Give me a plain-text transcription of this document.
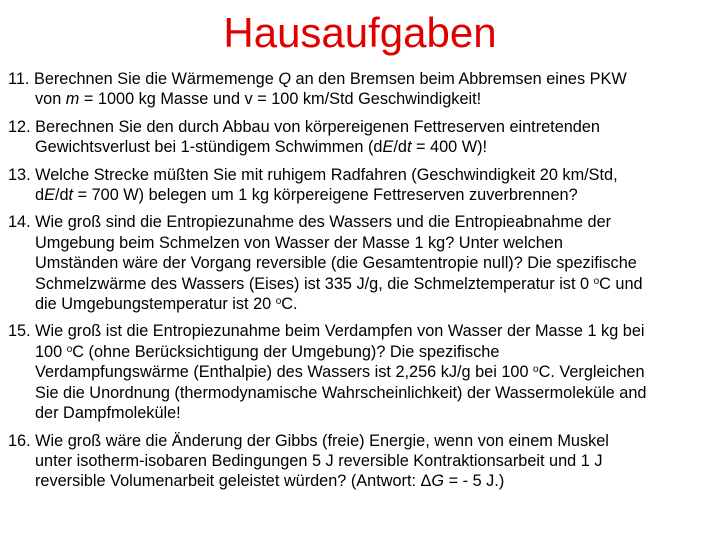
Hausaufgaben
11. Berechnen Sie die Wärmemenge Q an den Bremsen beim Abbremsen eines PKW
von m = 1000 kg Masse und v = 100 km/Std Geschwindigkeit!
12. Berechnen Sie den durch Abbau von körpereigenen Fettreserven eintretenden
Gewichtsverlust bei 1-stündigem Schwimmen (dE/dt = 400 W)!
13. Welche Strecke müßten Sie mit ruhigem Radfahren (Geschwindigkeit 20 km/Std,
dE/dt = 700 W) belegen um 1 kg körpereigene Fettreserven zuverbrennen?
14. Wie groß sind die Entropiezunahme des Wassers und die Entropieabnahme der
Umgebung beim Schmelzen von Wasser der Masse 1 kg? Unter welchen
Umständen wäre der Vorgang reversible (die Gesamtentropie null)? Die spezifische
Schmelzwärme des Wassers (Eises) ist 335 J/g, die Schmelztemperatur ist 0 $^o$C und
die Umgebungstemperatur ist 20 $^o$C.
15. Wie groß ist die Entropiezunahme beim Verdampfen von Wasser der Masse 1 kg bei
100 $^o$C (ohne Berücksichtigung der Umgebung)? Die spezifische
Verdampfungswärme (Enthalpie) des Wassers ist 2,256 kJ/g bei 100 $^o$C. Vergleichen
Sie die Unordnung (thermodynamische Wahrscheinlichkeit) der Wassermoleküle and
der Dampfmoleküle!
16. Wie groß wäre die Änderung der Gibbs (freie) Energie, wenn von einem Muskel
unter isotherm-isobaren Bedingungen 5 J reversible Kontraktionsarbeit und 1 J
reversible Volumenarbeit geleistet würden? (Antwort: ΔG = - 5 J.)
